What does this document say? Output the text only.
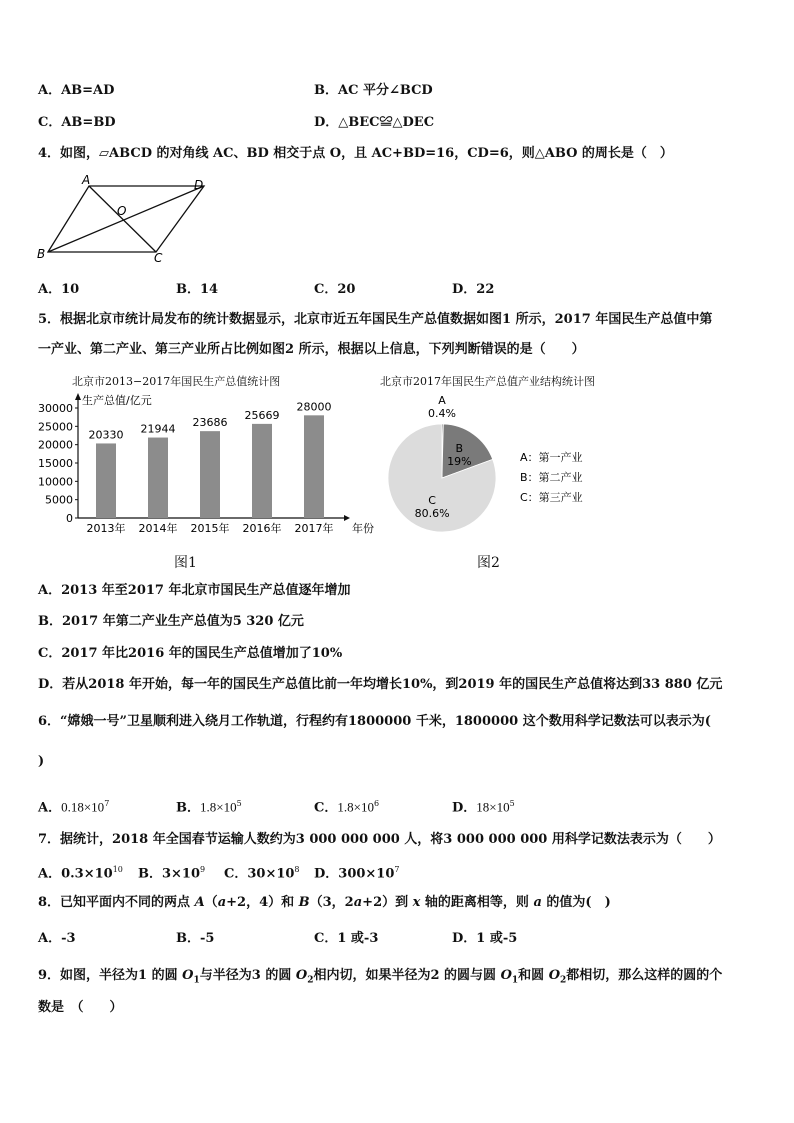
A．AB=AD	B．AC 平分∠BCD
C．AB=BD	D．△BEC≌△DEC
4．如图，▱ABCD 的对角线 AC、BD 相交于点 O，且 AC+BD=16，CD=6，则△ABO 的周长是（　）
A	D
O
B	C
A．10	B．14	C．20	D．22
5．根据北京市统计局发布的统计数据显示，北京市近五年国民生产总值数据如图1 所示，2017 年国民生产总值中第
一产业、第二产业、第三产业所占比例如图2 所示，根据以上信息，下列判断错误的是（　　）
北京市2013−2017年国民生产总值统计图
0
5000
10000
15000
20000
25000
30000
生产总值/亿元
年份
20330
2013年
21944
2014年
23686
2015年
25669
2016年
28000
2017年
图1
北京市2017年国民生产总值产业结构统计图
A
0.4%
B
19%
C
80.6%
A：第一产业
B：第二产业
C：第三产业
图2
A．2013 年至2017 年北京市国民生产总值逐年增加
B．2017 年第二产业生产总值为5 320 亿元
C．2017 年比2016 年的国民生产总值增加了10%
D．若从2018 年开始，每一年的国民生产总值比前一年均增长10%，到2019 年的国民生产总值将达到33 880 亿元
6．“嫦娥一号”卫星顺利进入绕月工作轨道，行程约有1800000 千米，1800000 这个数用科学记数法可以表示为(
)
A．$0.18\times 10^7$	B．$1.8\times 10^5$	C．$1.8\times 10^6$	D．$18\times 10^5$
7．据统计，2018 年全国春节运输人数约为3 000 000 000 人，将3 000 000 000 用科学记数法表示为（　　）
A．$0.3\times 10^{10}$ B．$3\times 10^9$ C．$30\times 10^8$ D．$300\times 10^7$
8．已知平面内不同的两点 A（a+2，4）和 B（3，2a+2）到 x 轴的距离相等，则 a 的值为(　)
A．-3	B．-5	C．1 或-3	D．1 或-5
9．如图，半径为1 的圆 $O_1$与半径为3 的圆 $O_2$相内切，如果半径为2 的圆与圆 $O_1$和圆 $O_2$都相切，那么这样的圆的个
数是　（　　）
